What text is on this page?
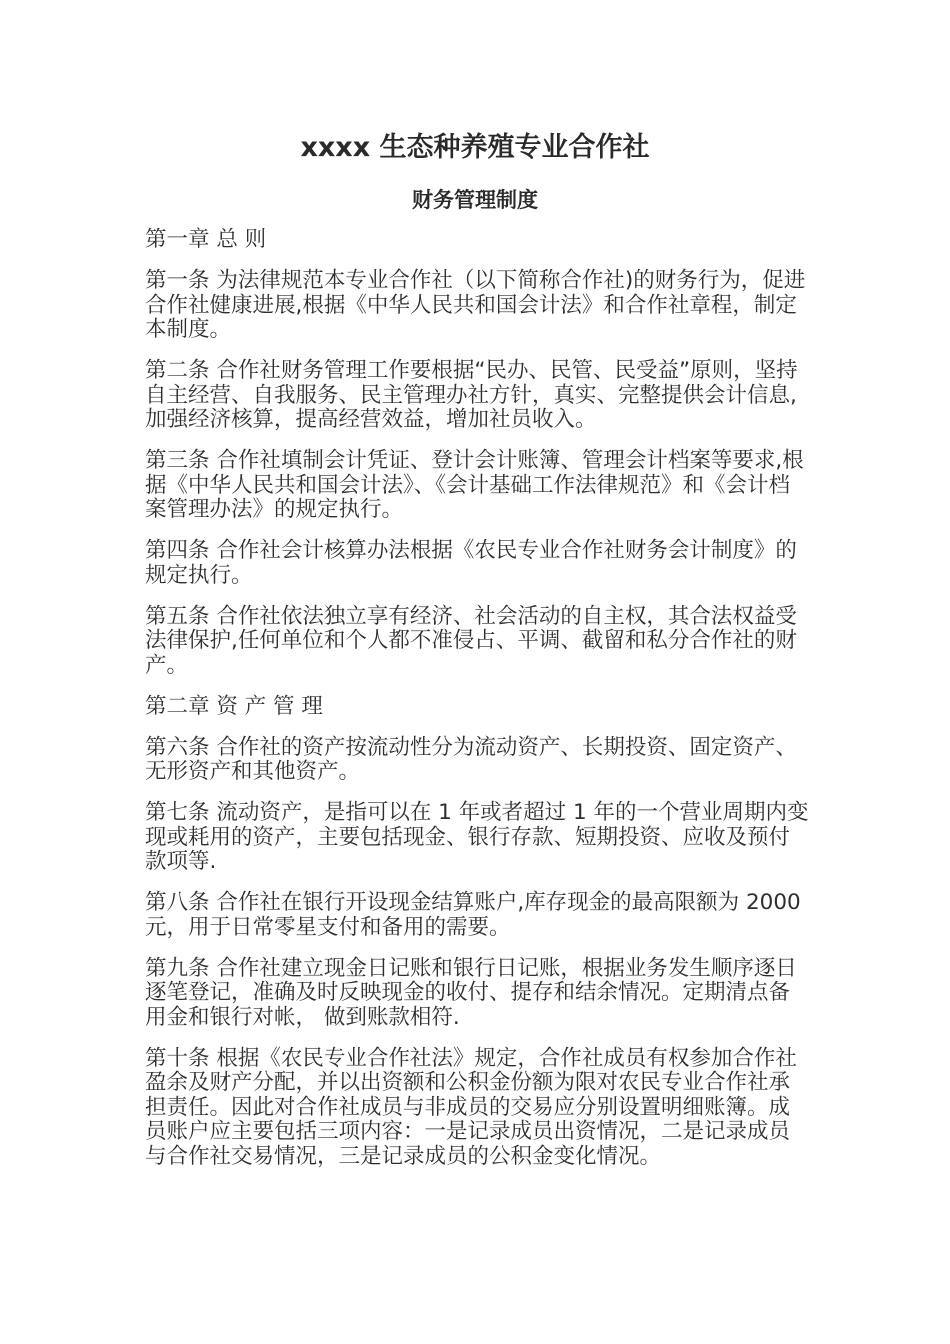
xxxx 生态种养殖专业合作社
财务管理制度
第一章 总 则
第一条 为法律规范本专业合作社（以下简称合作社)的财务行为，促进合作社健康进展,根据《中华人民共和国会计法》和合作社章程，制定本制度。
第二条 合作社财务管理工作要根据“民办、民管、民受益”原则，坚持自主经营、自我服务、民主管理办社方针，真实、完整提供会计信息,加强经济核算，提高经营效益，增加社员收入。
第三条 合作社填制会计凭证、登计会计账簿、管理会计档案等要求,根据《中华人民共和国会计法》、《会计基础工作法律规范》和《会计档案管理办法》的规定执行。
第四条 合作社会计核算办法根据《农民专业合作社财务会计制度》的规定执行。
第五条 合作社依法独立享有经济、社会活动的自主权，其合法权益受法律保护,任何单位和个人都不准侵占、平调、截留和私分合作社的财产。
第二章 资 产 管 理
第六条 合作社的资产按流动性分为流动资产、长期投资、固定资产、无形资产和其他资产。
第七条 流动资产，是指可以在 1 年或者超过 1 年的一个营业周期内变现或耗用的资产，主要包括现金、银行存款、短期投资、应收及预付款项等.
第八条 合作社在银行开设现金结算账户,库存现金的最高限额为 2000 元，用于日常零星支付和备用的需要。
第九条 合作社建立现金日记账和银行日记账，根据业务发生顺序逐日逐笔登记，准确及时反映现金的收付、提存和结余情况。定期清点备用金和银行对帐， 做到账款相符.
第十条 根据《农民专业合作社法》规定，合作社成员有权参加合作社盈余及财产分配，并以出资额和公积金份额为限对农民专业合作社承担责任。因此对合作社成员与非成员的交易应分别设置明细账簿。成员账户应主要包括三项内容：一是记录成员出资情况，二是记录成员与合作社交易情况，三是记录成员的公积金变化情况。
